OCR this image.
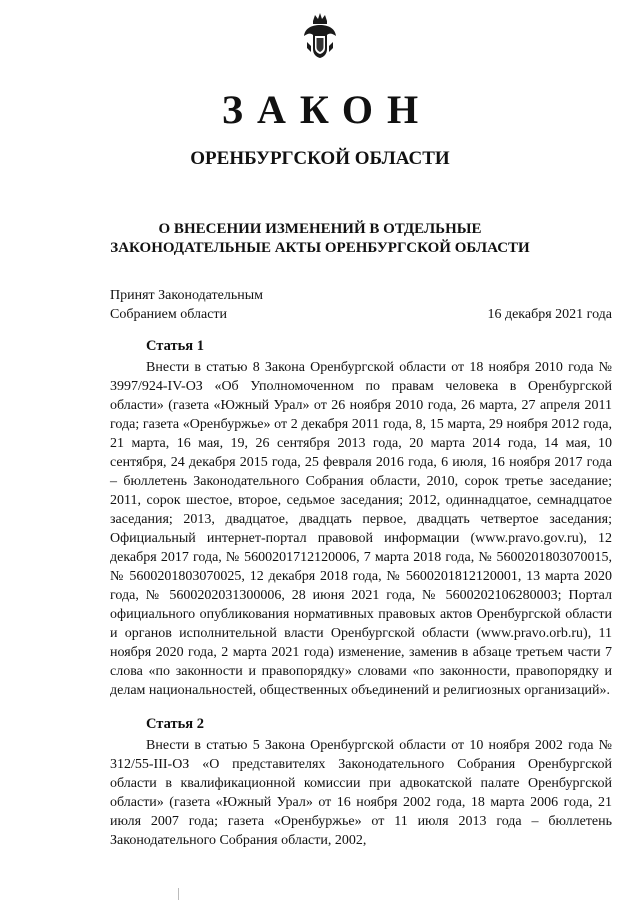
ЗАКОН
ОРЕНБУРГСКОЙ ОБЛАСТИ
О ВНЕСЕНИИ ИЗМЕНЕНИЙ В ОТДЕЛЬНЫЕ
ЗАКОНОДАТЕЛЬНЫЕ АКТЫ ОРЕНБУРГСКОЙ ОБЛАСТИ
Принят Законодательным
Собранием области	16 декабря 2021 года
Статья 1

Внести в статью 8 Закона Оренбургской области от 18 ноября 2010 года № 3997/924-IV-ОЗ «Об Уполномоченном по правам человека в Оренбургской области» (газета «Южный Урал» от 26 ноября 2010 года, 26 марта, 27 апреля 2011 года; газета «Оренбуржье» от 2 декабря 2011 года, 8, 15 марта, 29 ноября 2012 года, 21 марта, 16 мая, 19, 26 сентября 2013 года, 20 марта 2014 года, 14 мая, 10 сентября, 24 декабря 2015 года, 25 февраля 2016 года, 6 июля, 16 ноября 2017 года – бюллетень Законодательного Собрания области, 2010, сорок третье заседание; 2011, сорок шестое, второе, седьмое заседания; 2012, одиннадцатое, семнадцатое заседания; 2013, двадцатое, двадцать первое, двадцать четвертое заседания; Официальный интернет-портал правовой информации (www.pravo.gov.ru), 12 декабря 2017 года, № 5600201712120006, 7 марта 2018 года, № 5600201803070015, № 5600201803070025, 12 декабря 2018 года, № 5600201812120001, 13 марта 2020 года, № 5600202031300006, 28 июня 2021 года, № 5600202106280003; Портал официального опубликования нормативных правовых актов Оренбургской области и органов исполнительной власти Оренбургской области (www.pravo.orb.ru), 11 ноября 2020 года, 2 марта 2021 года) изменение, заменив в абзаце третьем части 7 слова «по законности и правопорядку» словами «по законности, правопорядку и делам национальностей, общественных объединений и религиозных организаций».

Статья 2

Внести в статью 5 Закона Оренбургской области от 10 ноября 2002 года № 312/55-III-ОЗ «О представителях Законодательного Собрания Оренбургской области в квалификационной комиссии при адвокатской палате Оренбургской области» (газета «Южный Урал» от 16 ноября 2002 года, 18 марта 2006 года, 21 июля 2007 года; газета «Оренбуржье» от 11 июля 2013 года – бюллетень Законодательного Собрания области, 2002,
